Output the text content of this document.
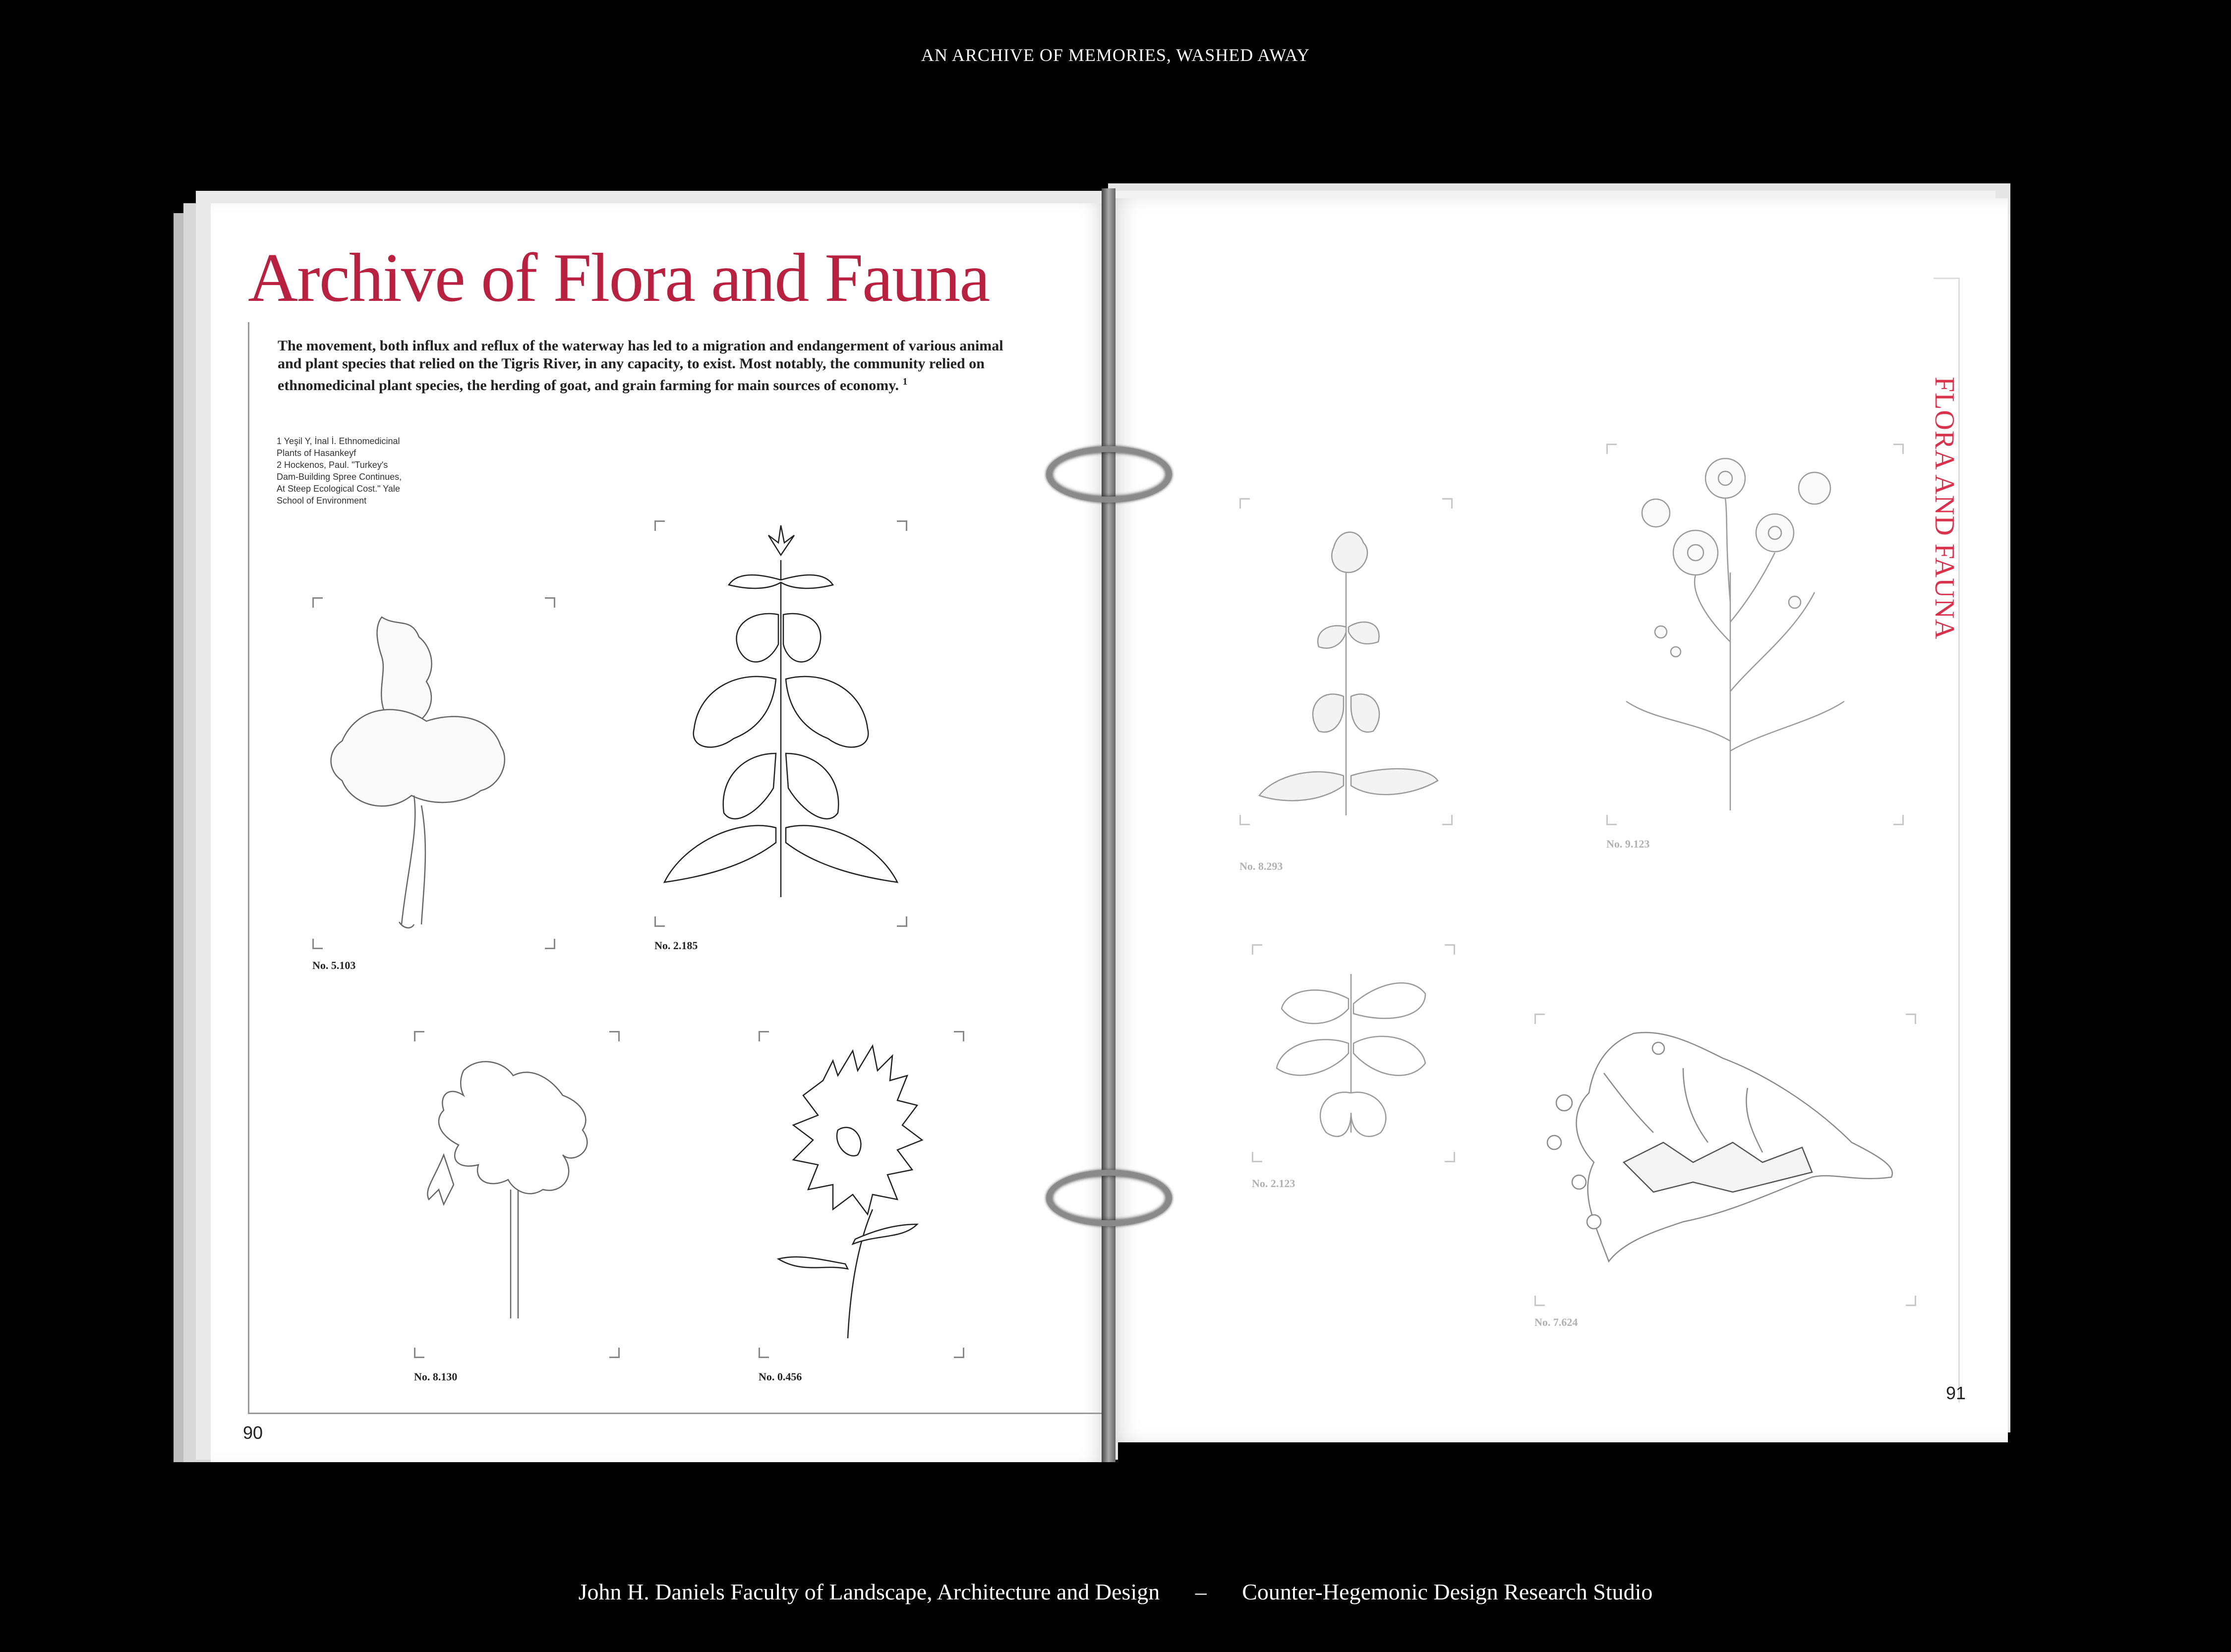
AN ARCHIVE OF MEMORIES, WASHED AWAY
Archive of Flora and Fauna
The movement, both influx and reflux of the waterway has led to a migration and endangerment of various animal and plant species that relied on the Tigris River, in any capacity, to exist. Most notably, the community relied on ethnomedicinal plant species, the herding of goat, and grain farming for main sources of economy. $^1$
1 Yeşil Y, İnal İ. Ethnomedicinal
Plants of Hasankeyf
2 Hockenos, Paul. "Turkey's
Dam-Building Spree Continues,
At Steep Ecological Cost." Yale
School of Environment
No. 5.103
No. 2.185
No. 8.130	No. 0.456
90
FLORA AND FAUNA
No. 8.293
No. 9.123
No. 2.123
No. 7.624
91
John H. Daniels Faculty of Landscape, Architecture and Design – Counter-Hegemonic Design Research Studio
